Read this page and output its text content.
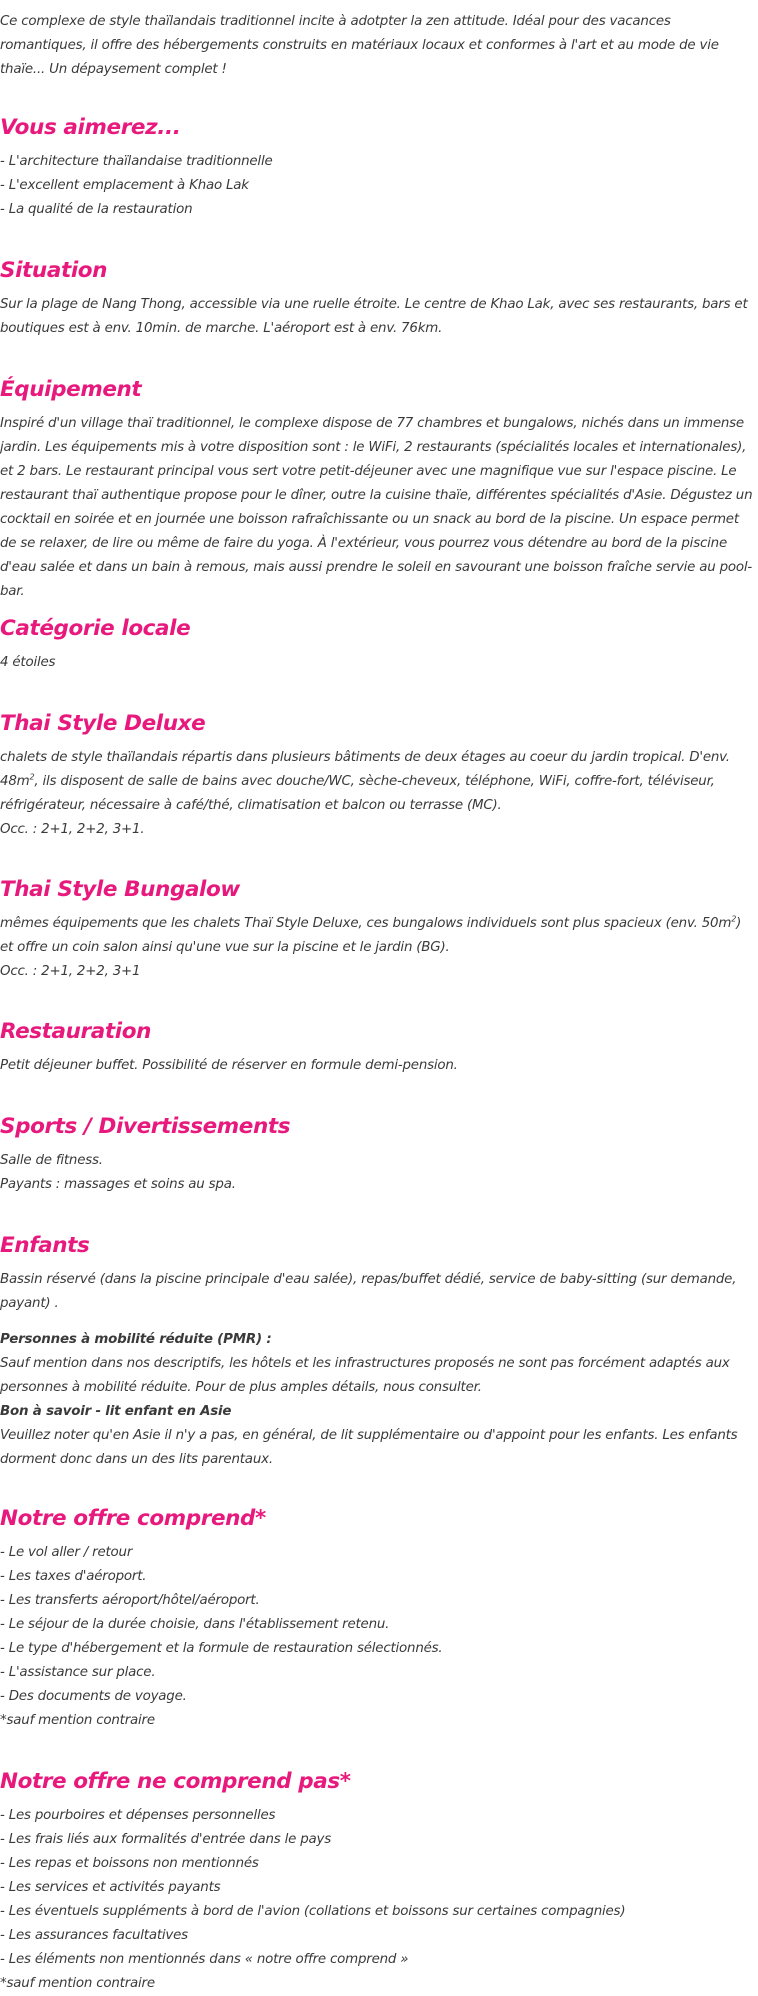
Ce complexe de style thaïlandais traditionnel incite à adotpter la zen attitude. Idéal pour des vacances romantiques, il offre des hébergements construits en matériaux locaux et conformes à l'art et au mode de vie thaïe... Un dépaysement complet !

Vous aimerez...
- L'architecture thaïlandaise traditionnelle
- L'excellent emplacement à Khao Lak
- La qualité de la restauration
Situation

Sur la plage de Nang Thong, accessible via une ruelle étroite. Le centre de Khao Lak, avec ses restaurants, bars et boutiques est à env. 10min. de marche. L'aéroport est à env. 76km.

Équipement

Inspiré d'un village thaï traditionnel, le complexe dispose de 77 chambres et bungalows, nichés dans un immense jardin. Les équipements mis à votre disposition sont : le WiFi, 2 restaurants (spécialités locales et internationales), et 2 bars. Le restaurant principal vous sert votre petit-déjeuner avec une magnifique vue sur l'espace piscine. Le restaurant thaï authentique propose pour le dîner, outre la cuisine thaïe, différentes spécialités d'Asie. Dégustez un cocktail en soirée et en journée une boisson rafraîchissante ou un snack au bord de la piscine. Un espace permet de se relaxer, de lire ou même de faire du yoga. À l'extérieur, vous pourrez vous détendre au bord de la piscine d'eau salée et dans un bain à remous, mais aussi prendre le soleil en savourant une boisson fraîche servie au pool-bar.

Catégorie locale

4 étoiles

Thai Style Deluxe

chalets de style thaïlandais répartis dans plusieurs bâtiments de deux étages au coeur du jardin tropical. D'env. $48m^2$, ils disposent de salle de bains avec douche/WC, sèche-cheveux, téléphone, WiFi, coffre-fort, téléviseur, réfrigérateur, nécessaire à café/thé, climatisation et balcon ou terrasse (MC).

Occ. : 2+1, 2+2, 3+1.

Thai Style Bungalow

mêmes équipements que les chalets Thaï Style Deluxe, ces bungalows individuels sont plus spacieux (env. $50m^2$) et offre un coin salon ainsi qu'une vue sur la piscine et le jardin (BG).

Occ. : 2+1, 2+2, 3+1

Restauration

Petit déjeuner buffet. Possibilité de réserver en formule demi-pension.

Sports / Divertissements

Salle de fitness.

Payants : massages et soins au spa.

Enfants

Bassin réservé (dans la piscine principale d'eau salée), repas/buffet dédié, service de baby-sitting (sur demande, payant) .

Personnes à mobilité réduite (PMR) :

Sauf mention dans nos descriptifs, les hôtels et les infrastructures proposés ne sont pas forcément adaptés aux personnes à mobilité réduite. Pour de plus amples détails, nous consulter.

Bon à savoir - lit enfant en Asie

Veuillez noter qu'en Asie il n'y a pas, en général, de lit supplémentaire ou d'appoint pour les enfants. Les enfants dorment donc dans un des lits parentaux.

Notre offre comprend*
- Le vol aller / retour
- Les taxes d'aéroport.
- Les transferts aéroport/hôtel/aéroport.
- Le séjour de la durée choisie, dans l'établissement retenu.
- Le type d'hébergement et la formule de restauration sélectionnés.
- L'assistance sur place.
- Des documents de voyage.

*sauf mention contraire

Notre offre ne comprend pas*
- Les pourboires et dépenses personnelles
- Les frais liés aux formalités d'entrée dans le pays
- Les repas et boissons non mentionnés
- Les services et activités payants
- Les éventuels suppléments à bord de l'avion (collations et boissons sur certaines compagnies)
- Les assurances facultatives
- Les éléments non mentionnés dans « notre offre comprend »

*sauf mention contraire
